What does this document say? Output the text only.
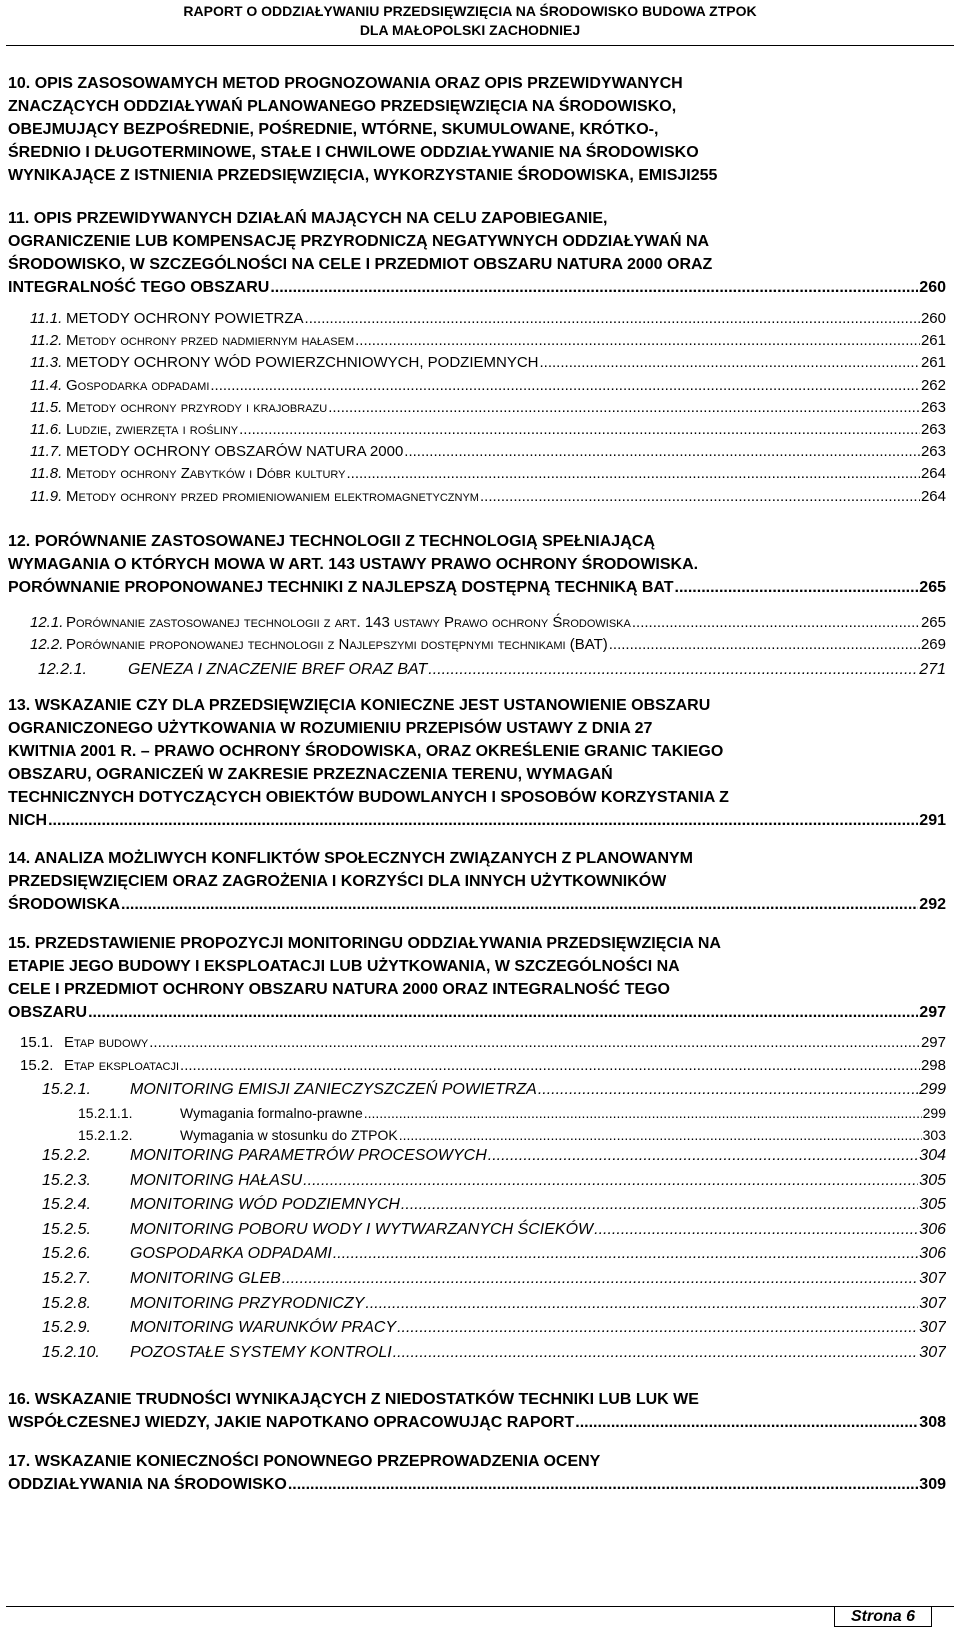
RAPORT O ODDZIAŁYWANIU PRZEDSIĘWZIĘCIA NA ŚRODOWISKO BUDOWA ZTPOK
DLA MAŁOPOLSKI ZACHODNIEJ
10. OPIS ZASOSOWAMYCH METOD PROGNOZOWANIA ORAZ OPIS PRZEWIDYWANYCH
ZNACZĄCYCH ODDZIAŁYWAŃ PLANOWANEGO PRZEDSIĘWZIĘCIA NA ŚRODOWISKO,
OBEJMUJĄCY BEZPOŚREDNIE, POŚREDNIE, WTÓRNE, SKUMULOWANE, KRÓTKO-,
ŚREDNIO I DŁUGOTERMINOWE, STAŁE I CHWILOWE ODDZIAŁYWANIE NA ŚRODOWISKO
WYNIKAJĄCE Z ISTNIENIA PRZEDSIĘWZIĘCIA, WYKORZYSTANIE ŚRODOWISKA, EMISJI255
11. OPIS PRZEWIDYWANYCH DZIAŁAŃ MAJĄCYCH NA CELU ZAPOBIEGANIE,
OGRANICZENIE LUB KOMPENSACJĘ PRZYRODNICZĄ NEGATYWNYCH ODDZIAŁYWAŃ NA
ŚRODOWISKO, W SZCZEGÓLNOŚCI NA CELE I PRZEDMIOT OBSZARU NATURA 2000 ORAZ
INTEGRALNOŚĆ TEGO OBSZARU .....	260
11.1. METODY OCHRONY POWIETRZA .....	260
11.2. Metody ochrony przed nadmiernym hałasem .....	261
11.3. METODY OCHRONY WÓD POWIERZCHNIOWYCH, PODZIEMNYCH .....	261
11.4. Gospodarka odpadami .....	262
11.5. Metody ochrony przyrody i krajobrazu .....	263
11.6. Ludzie, zwierzęta i rośliny .....	263
11.7. METODY OCHRONY OBSZARÓW NATURA 2000 .....	263
11.8. Metody ochrony Zabytków i Dóbr kultury .....	264
11.9. Metody ochrony przed promieniowaniem elektromagnetycznym .....	264
12. PORÓWNANIE ZASTOSOWANEJ TECHNOLOGII Z TECHNOLOGIĄ SPEŁNIAJĄCĄ
WYMAGANIA O KTÓRYCH MOWA W ART. 143 USTAWY PRAWO OCHRONY ŚRODOWISKA.
PORÓWNANIE PROPONOWANEJ TECHNIKI Z NAJLEPSZĄ DOSTĘPNĄ TECHNIKĄ BAT .....	265
12.1. Porównanie zastosowanej technologii z art. 143 ustawy Prawo ochrony Środowiska .....	265
12.2. Porównanie proponowanej technologii z Najlepszymi dostępnymi technikami (BAT) .....	269
12.2.1.	GENEZA I ZNACZENIE BREF ORAZ BAT .....	271
13. WSKAZANIE CZY DLA PRZEDSIĘWZIĘCIA KONIECZNE JEST USTANOWIENIE OBSZARU
OGRANICZONEGO UŻYTKOWANIA W ROZUMIENIU PRZEPISÓW USTAWY Z DNIA 27
KWITNIA 2001 R. – PRAWO OCHRONY ŚRODOWISKA, ORAZ OKREŚLENIE GRANIC TAKIEGO
OBSZARU, OGRANICZEŃ W ZAKRESIE PRZEZNACZENIA TERENU, WYMAGAŃ
TECHNICZNYCH DOTYCZĄCYCH OBIEKTÓW BUDOWLANYCH I SPOSOBÓW KORZYSTANIA Z
NICH .....	291
14. ANALIZA MOŻLIWYCH KONFLIKTÓW SPOŁECZNYCH ZWIĄZANYCH Z PLANOWANYM
PRZEDSIĘWZIĘCIEM ORAZ ZAGROŻENIA I KORZYŚCI DLA INNYCH UŻYTKOWNIKÓW
ŚRODOWISKA .....	292
15. PRZEDSTAWIENIE PROPOZYCJI MONITORINGU ODDZIAŁYWANIA PRZEDSIĘWZIĘCIA NA
ETAPIE JEGO BUDOWY I EKSPLOATACJI LUB UŻYTKOWANIA, W SZCZEGÓLNOŚCI NA
CELE I PRZEDMIOT OCHRONY OBSZARU NATURA 2000 ORAZ INTEGRALNOŚĆ TEGO
OBSZARU .....	297
15.1. Etap budowy .....	297
15.2. Etap eksploatacji .....	298
15.2.1. MONITORING EMISJI ZANIECZYSZCZEŃ POWIETRZA .....	299
15.2.1.1.	Wymagania formalno-prawne .....	299
15.2.1.2.	Wymagania w stosunku do ZTPOK .....	303
15.2.2. MONITORING PARAMETRÓW PROCESOWYCH .....	304
15.2.3. MONITORING HAŁASU .....	305
15.2.4. MONITORING WÓD PODZIEMNYCH .....	305
15.2.5. MONITORING POBORU WODY I WYTWARZANYCH ŚCIEKÓW .....	306
15.2.6. GOSPODARKA ODPADAMI .....	306
15.2.7. MONITORING GLEB .....	307
15.2.8. MONITORING PRZYRODNICZY .....	307
15.2.9. MONITORING WARUNKÓW PRACY .....	307
15.2.10. POZOSTAŁE SYSTEMY KONTROLI .....	307
16. WSKAZANIE TRUDNOŚCI WYNIKAJĄCYCH Z NIEDOSTATKÓW TECHNIKI LUB LUK WE
WSPÓŁCZESNEJ WIEDZY, JAKIE NAPOTKANO OPRACOWUJĄC RAPORT .....	308
17. WSKAZANIE KONIECZNOŚCI PONOWNEGO PRZEPROWADZENIA OCENY
ODDZIAŁYWANIA NA ŚRODOWISKO .....	309
Strona 6
